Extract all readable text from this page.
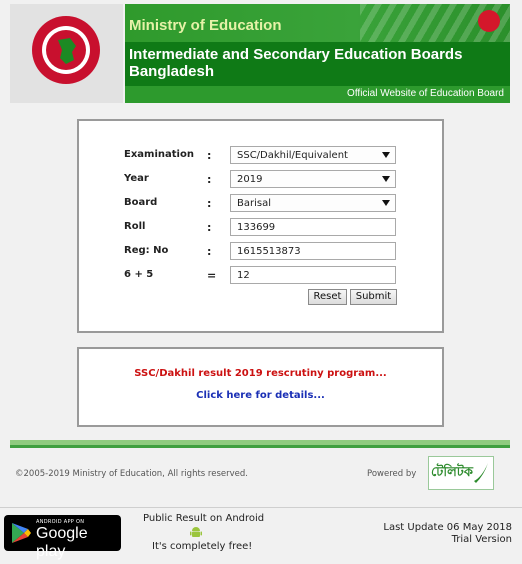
Ministry of Education
Intermediate and Secondary Education Boards Bangladesh
Official Website of Education Board
Examination :	SSC/Dakhil/Equivalent
Year	:	2019
Board	:	Barisal
Roll	:	133699
Reg: No	:	1615513873
6 + 5	=	12
Reset	Submit
SSC/Dakhil result 2019 rescrutiny program...
Click here for details...
©2005-2019 Ministry of Education, All rights reserved.	Powered by টেলিটক
ANDROID APP ON
Google play
Public Result on Android
It's completely free!
Last Update 06 May 2018
Trial Version
